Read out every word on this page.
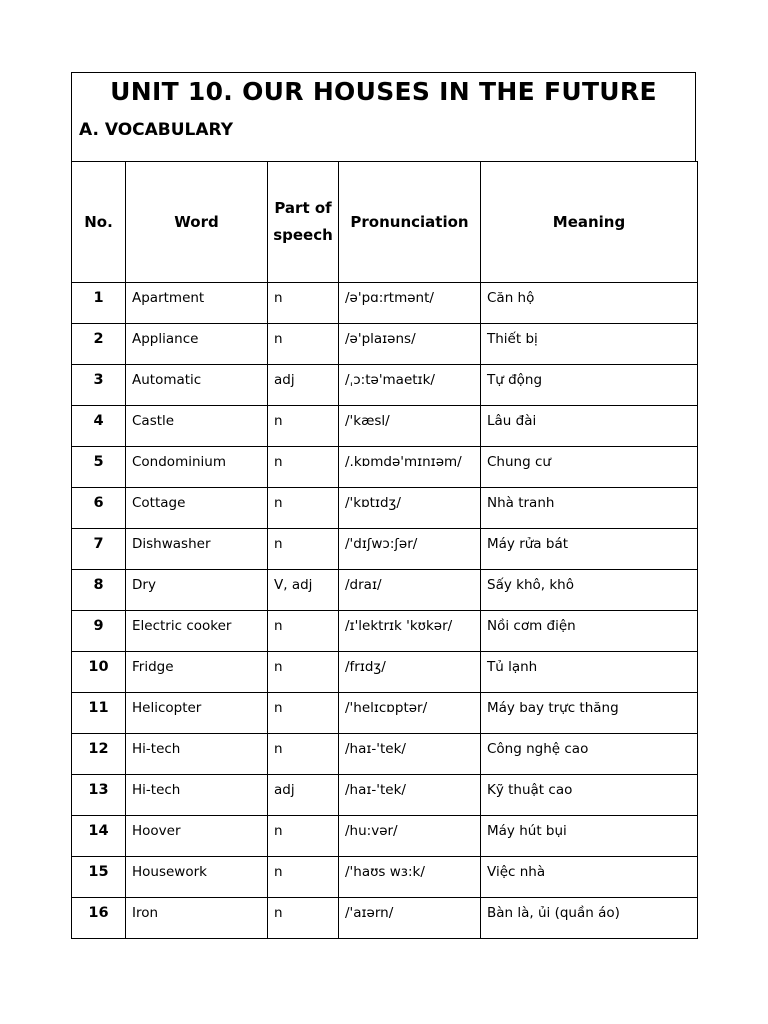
UNIT 10. OUR HOUSES IN THE FUTURE
A. VOCABULARY
No.	Word	Part of speech	Pronunciation	Meaning
1	Apartment	n	/ə'pɑ:rtmənt/	Căn hộ
2	Appliance	n	/ə'plaɪəns/	Thiết bị
3	Automatic	adj	/ˌɔ:tə'maetɪk/	Tự động
4	Castle	n	/'kæsl/	Lâu đài
5	Condominium	n	/.kɒmdə'mɪnɪəm/	Chung cư
6	Cottage	n	/'kɒtɪdʒ/	Nhà tranh
7	Dishwasher	n	/'dɪʃwɔ:ʃər/	Máy rửa bát
8	Dry	V, adj	/draɪ/	Sấy khô, khô
9	Electric cooker	n	/ɪ'lektrɪk 'kʊkər/	Nồi cơm điện
10	Fridge	n	/frɪdʒ/	Tủ lạnh
11	Helicopter	n	/'helɪcɒptər/	Máy bay trực thăng
12	Hi-tech	n	/haɪ-'tek/	Công nghệ cao
13	Hi-tech	adj	/haɪ-'tek/	Kỹ thuật cao
14	Hoover	n	/hu:vər/	Máy hút bụi
15	Housework	n	/'haʊs wɜ:k/	Việc nhà
16	Iron	n	/'aɪərn/	Bàn là, ủi (quần áo)
